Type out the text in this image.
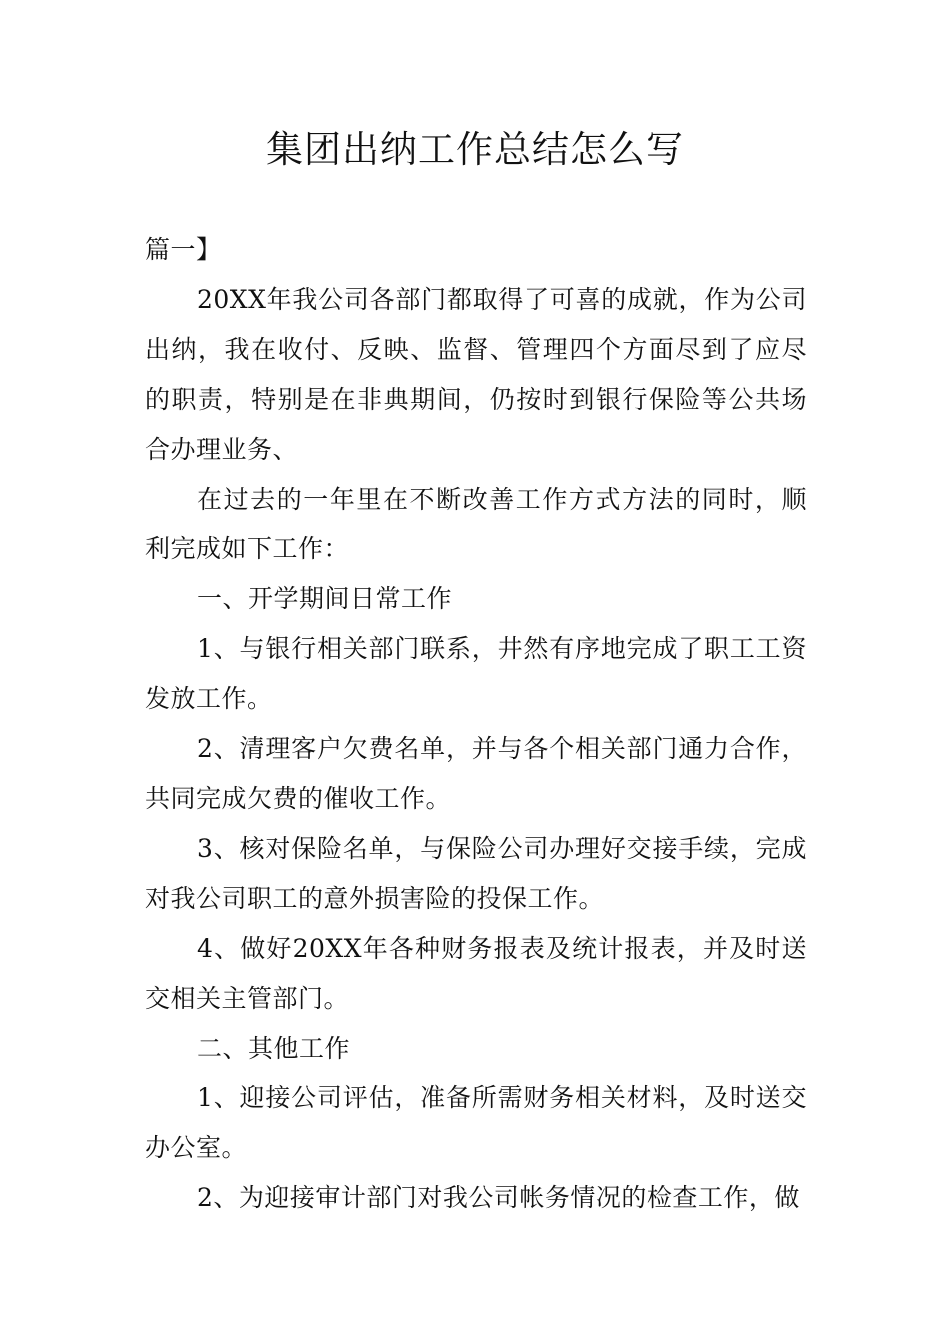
集团出纳工作总结怎么写

篇一】

20XX年我公司各部门都取得了可喜的成就，作为公司出纳，我在收付、反映、监督、管理四个方面尽到了应尽的职责，特别是在非典期间，仍按时到银行保险等公共场合办理业务、

在过去的一年里在不断改善工作方式方法的同时，顺利完成如下工作：

一、开学期间日常工作

1、与银行相关部门联系，井然有序地完成了职工工资发放工作。

2、清理客户欠费名单，并与各个相关部门通力合作，共同完成欠费的催收工作。

3、核对保险名单，与保险公司办理好交接手续，完成对我公司职工的意外损害险的投保工作。

4、做好20XX年各种财务报表及统计报表，并及时送交相关主管部门。

二、其他工作

1、迎接公司评估，准备所需财务相关材料，及时送交办公室。

2、为迎接审计部门对我公司帐务情况的检查工作，做
